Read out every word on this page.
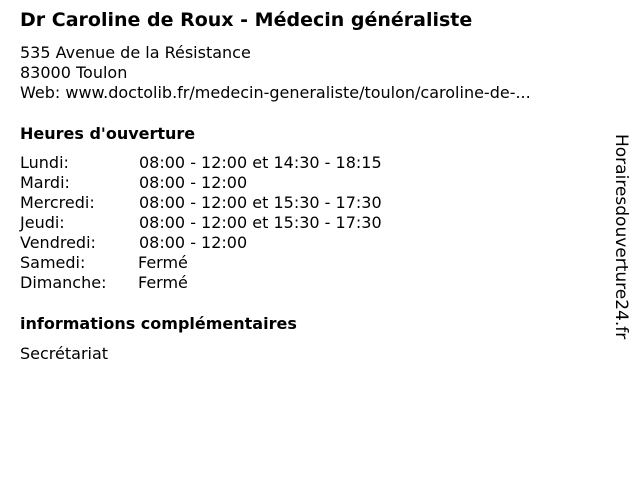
Dr Caroline de Roux - Médecin généraliste
535 Avenue de la Résistance
83000 Toulon
Web: www.doctolib.fr/medecin-generaliste/toulon/caroline-de-...
Heures d'ouverture
Lundi:	08:00 - 12:00 et 14:30 - 18:15
Mardi:	08:00 - 12:00
Mercredi:	08:00 - 12:00 et 15:30 - 17:30
Jeudi:	08:00 - 12:00 et 15:30 - 17:30
Vendredi:	08:00 - 12:00
Samedi:	Fermé
Dimanche: Fermé
informations complémentaires
Secrétariat
Horairesdouverture24.fr
